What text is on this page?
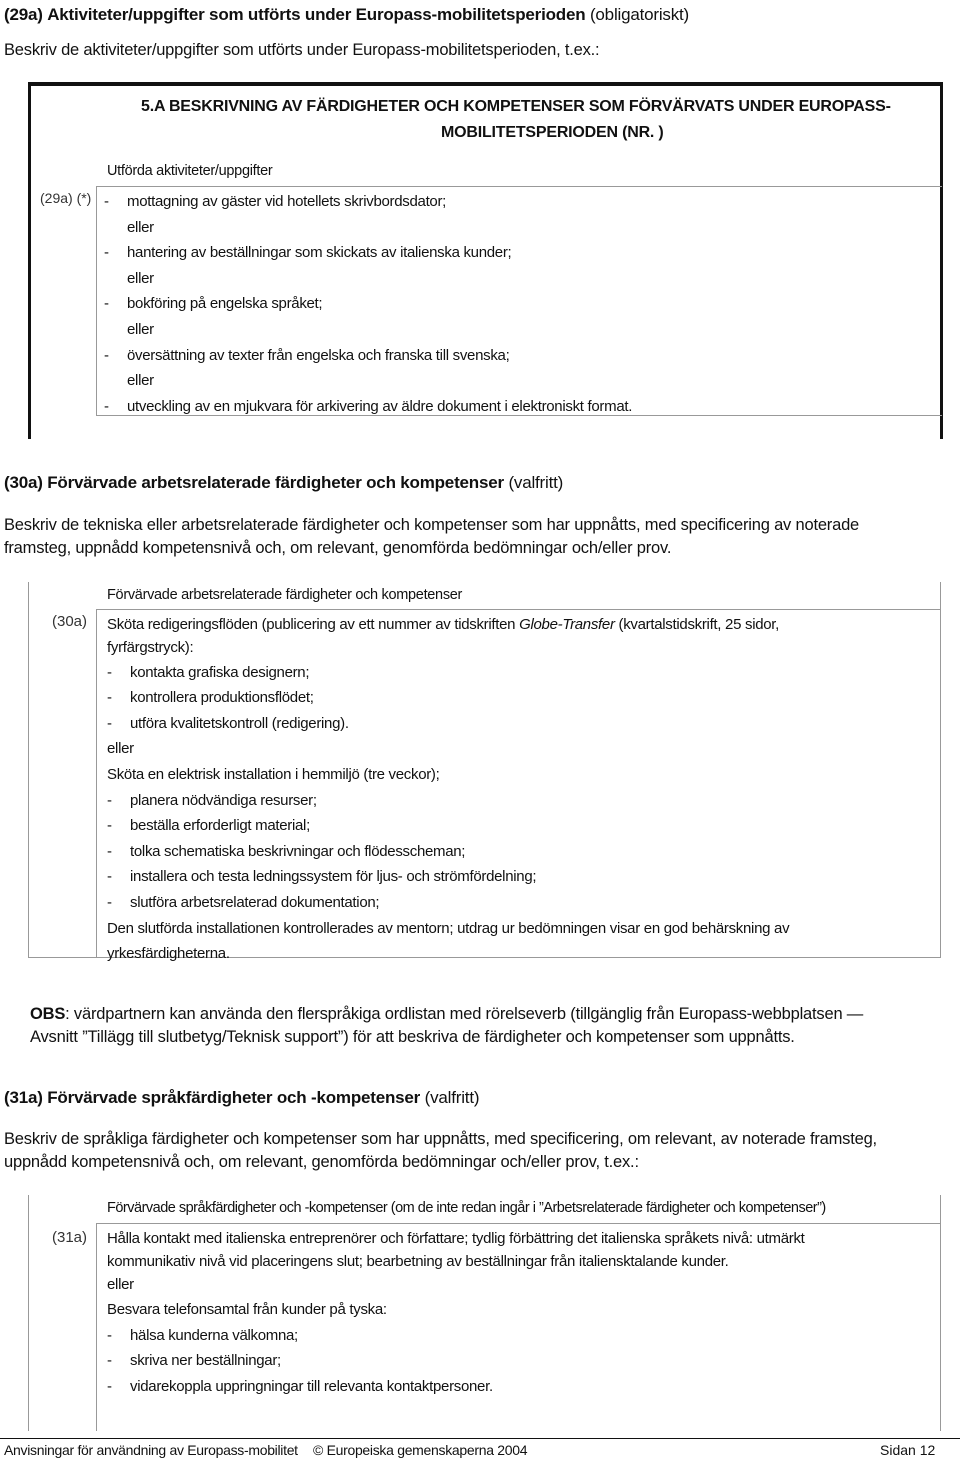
(29a) Aktiviteter/uppgifter som utförts under Europass-mobilitetsperioden (obligatoriskt)
Beskriv de aktiviteter/uppgifter som utförts under Europass-mobilitetsperioden, t.ex.:
5.A BESKRIVNING AV FÄRDIGHETER OCH KOMPETENSER SOM FÖRVÄRVATS UNDER EUROPASS-
MOBILITETSPERIODEN (NR. )
Utförda aktiviteter/uppgifter
(29a) (*) - mottagning av gäster vid hotellets skrivbordsdator;
eller
- hantering av beställningar som skickats av italienska kunder;
eller
- bokföring på engelska språket;
eller
- översättning av texter från engelska och franska till svenska;
eller
- utveckling av en mjukvara för arkivering av äldre dokument i elektroniskt format.
(30a) Förvärvade arbetsrelaterade färdigheter och kompetenser (valfritt)
Beskriv de tekniska eller arbetsrelaterade färdigheter och kompetenser som har uppnåtts, med specificering av noterade
framsteg, uppnådd kompetensnivå och, om relevant, genomförda bedömningar och/eller prov.
Förvärvade arbetsrelaterade färdigheter och kompetenser
(30a) Sköta redigeringsflöden (publicering av ett nummer av tidskriften Globe-Transfer (kvartalstidskrift, 25 sidor,
fyrfärgstryck):
- kontakta grafiska designern;
- kontrollera produktionsflödet;
- utföra kvalitetskontroll (redigering).
eller
Sköta en elektrisk installation i hemmiljö (tre veckor);
- planera nödvändiga resurser;
- beställa erforderligt material;
- tolka schematiska beskrivningar och flödesscheman;
- installera och testa ledningssystem för ljus- och strömfördelning;
- slutföra arbetsrelaterad dokumentation;
Den slutförda installationen kontrollerades av mentorn; utdrag ur bedömningen visar en god behärskning av
yrkesfärdigheterna.
OBS: värdpartnern kan använda den flerspråkiga ordlistan med rörelseverb (tillgänglig från Europass-webbplatsen —
Avsnitt ”Tillägg till slutbetyg/Teknisk support”) för att beskriva de färdigheter och kompetenser som uppnåtts.
(31a) Förvärvade språkfärdigheter och -kompetenser (valfritt)
Beskriv de språkliga färdigheter och kompetenser som har uppnåtts, med specificering, om relevant, av noterade framsteg,
uppnådd kompetensnivå och, om relevant, genomförda bedömningar och/eller prov, t.ex.:
Förvärvade språkfärdigheter och -kompetenser (om de inte redan ingår i ”Arbetsrelaterade färdigheter och kompetenser”)
(31a) Hålla kontakt med italienska entreprenörer och författare; tydlig förbättring det italienska språkets nivå: utmärkt
kommunikativ nivå vid placeringens slut; bearbetning av beställningar från italiensktalande kunder.
eller
Besvara telefonsamtal från kunder på tyska:
- hälsa kunderna välkomna;
- skriva ner beställningar;
- vidarekoppla uppringningar till relevanta kontaktpersoner.
Anvisningar för användning av Europass-mobilitet © Europeiska gemenskaperna 2004	Sidan 12
